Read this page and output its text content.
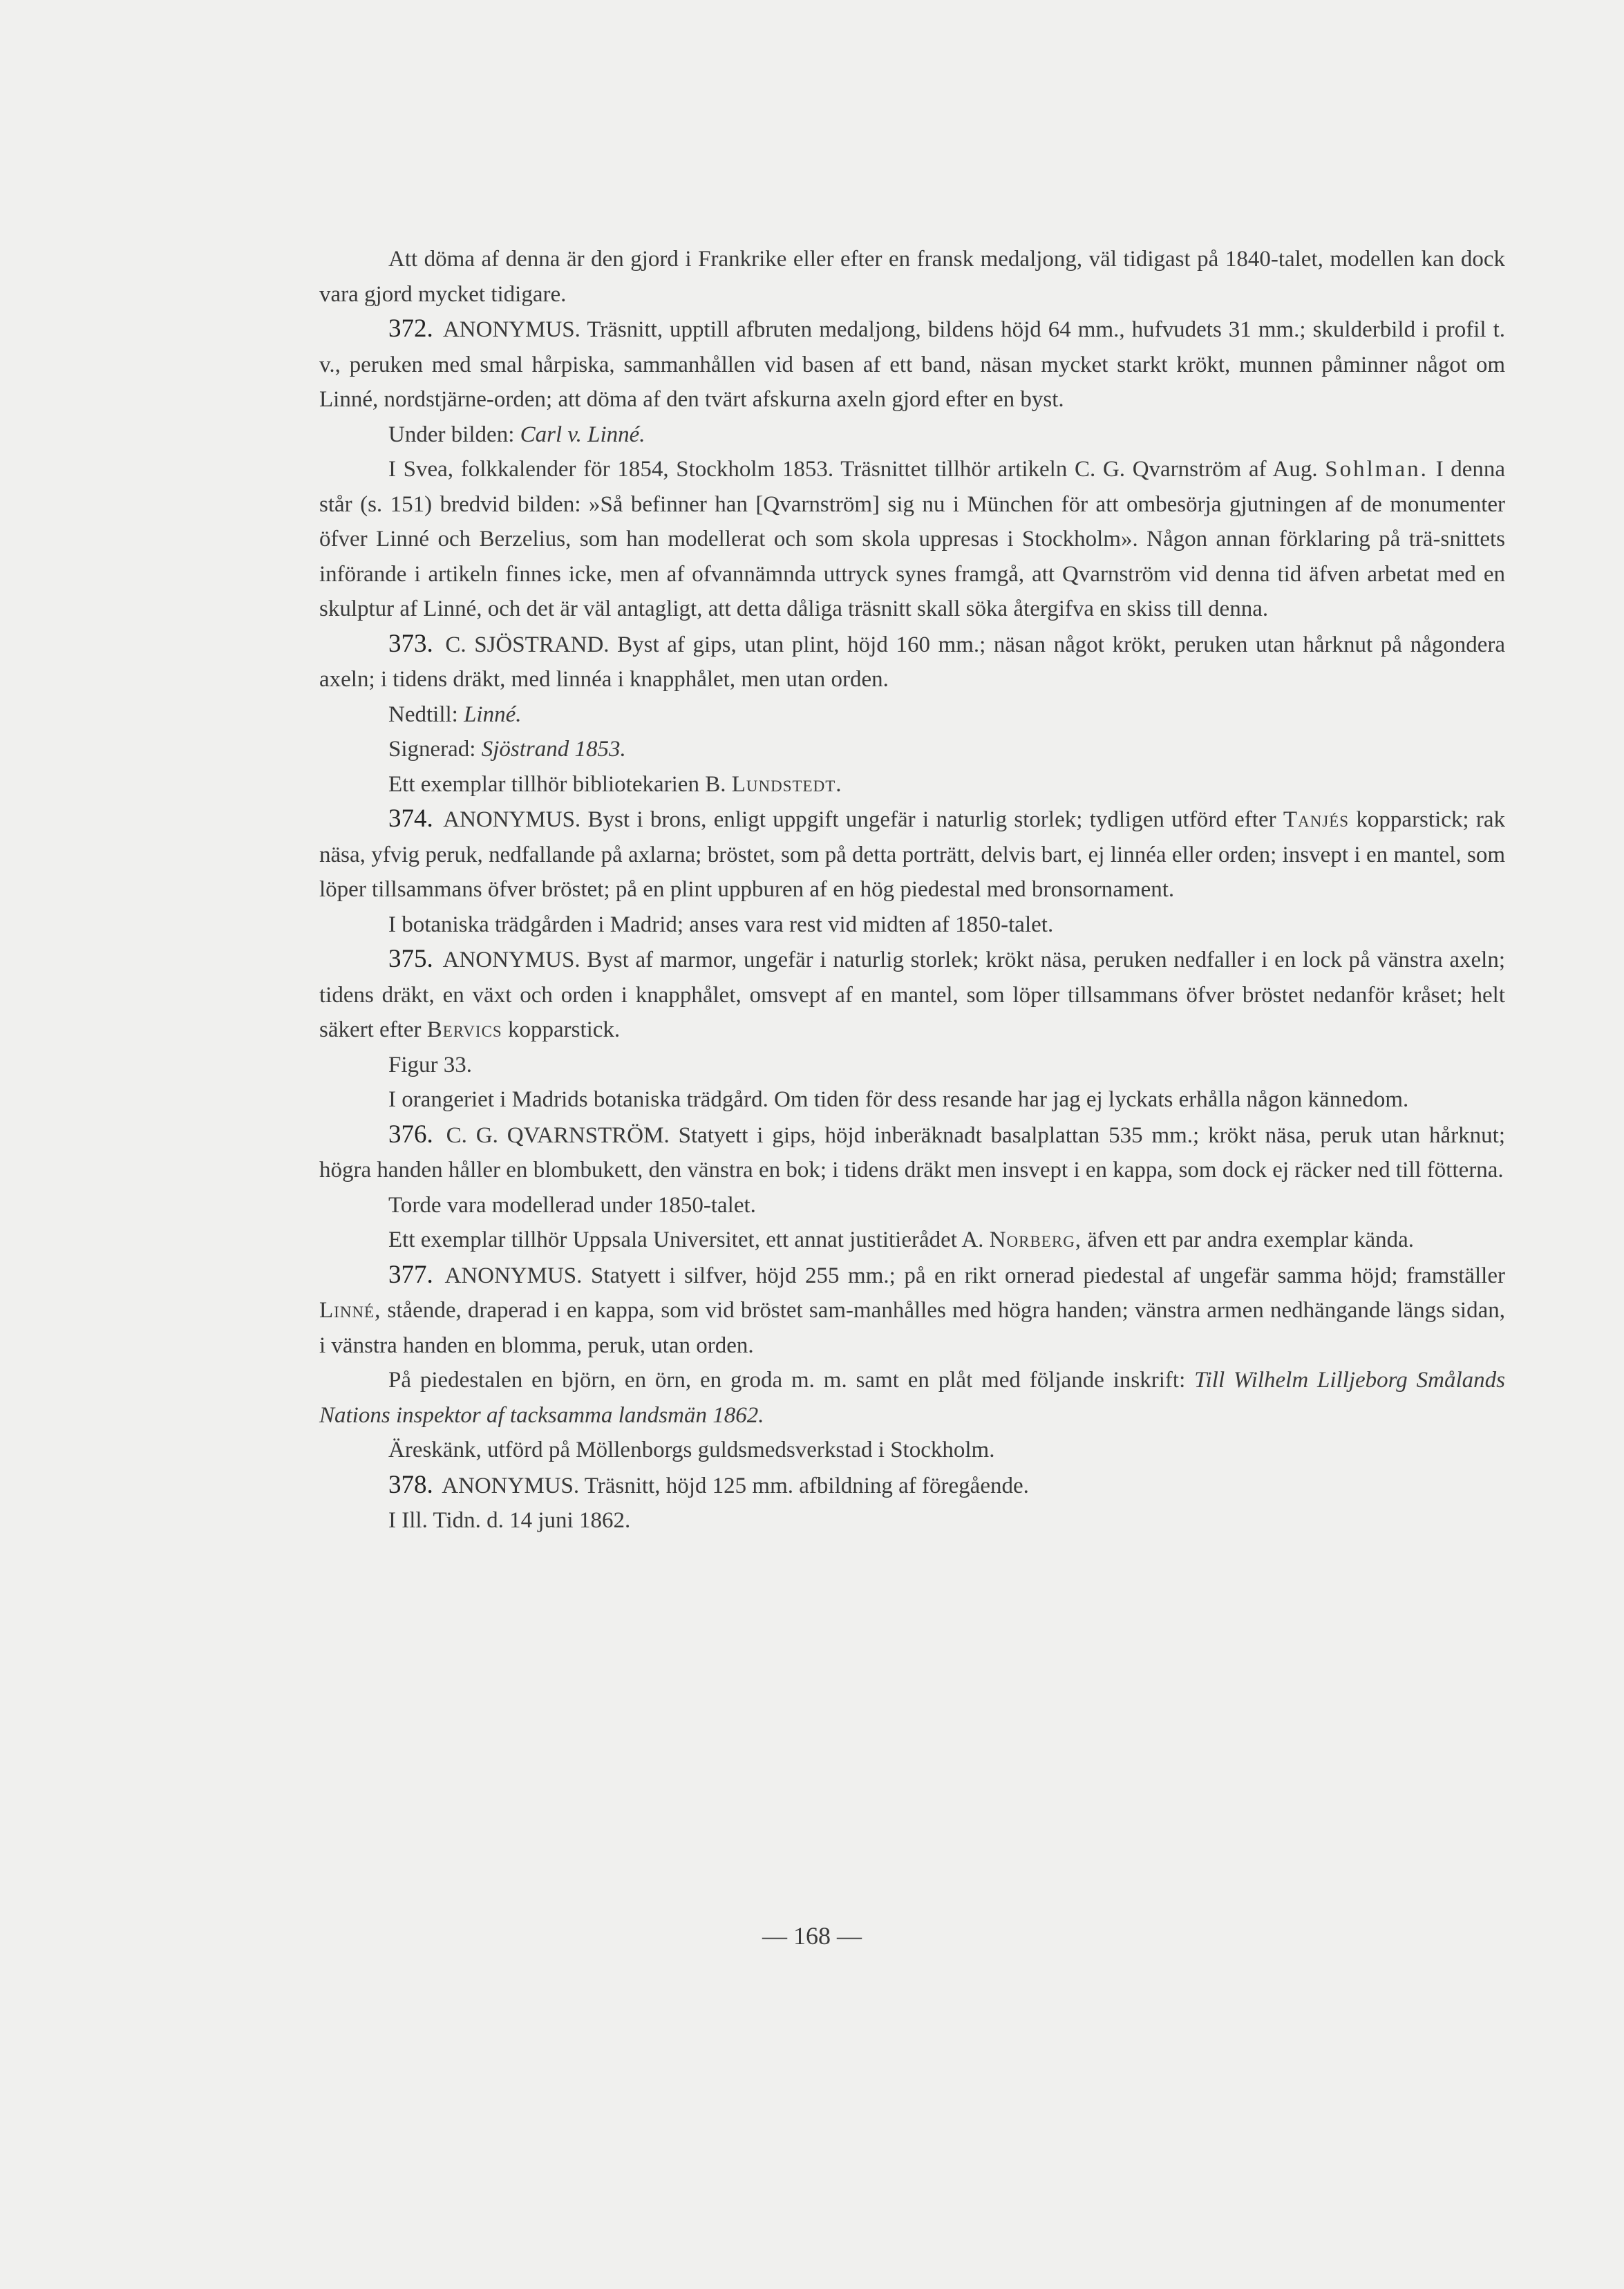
Att döma af denna är den gjord i Frankrike eller efter en fransk medaljong, väl tidigast på 1840-talet, modellen kan dock vara gjord mycket tidigare.

372. ANONYMUS. Träsnitt, upptill afbruten medaljong, bildens höjd 64 mm., hufvudets 31 mm.; skulderbild i profil t. v., peruken med smal hårpiska, sammanhållen vid basen af ett band, näsan mycket starkt krökt, munnen påminner något om Linné, nordstjärne-orden; att döma af den tvärt afskurna axeln gjord efter en byst.

Under bilden: Carl v. Linné.

I Svea, folkkalender för 1854, Stockholm 1853. Träsnittet tillhör artikeln C. G. Qvarnström af Aug. Sohlman. I denna står (s. 151) bredvid bilden: »Så befinner han [Qvarnström] sig nu i München för att ombesörja gjutningen af de monumenter öfver Linné och Berzelius, som han modellerat och som skola uppresas i Stockholm». Någon annan förklaring på trä-snittets införande i artikeln finnes icke, men af ofvannämnda uttryck synes framgå, att Qvarnström vid denna tid äfven arbetat med en skulptur af Linné, och det är väl antagligt, att detta dåliga träsnitt skall söka återgifva en skiss till denna.

373. C. SJÖSTRAND. Byst af gips, utan plint, höjd 160 mm.; näsan något krökt, peruken utan hårknut på någondera axeln; i tidens dräkt, med linnéa i knapphålet, men utan orden.

Nedtill: Linné.

Signerad: Sjöstrand 1853.

Ett exemplar tillhör bibliotekarien B. Lundstedt.

374. ANONYMUS. Byst i brons, enligt uppgift ungefär i naturlig storlek; tydligen utförd efter Tanjés kopparstick; rak näsa, yfvig peruk, nedfallande på axlarna; bröstet, som på detta porträtt, delvis bart, ej linnéa eller orden; insvept i en mantel, som löper tillsammans öfver bröstet; på en plint uppburen af en hög piedestal med bronsornament.

I botaniska trädgården i Madrid; anses vara rest vid midten af 1850-talet.

375. ANONYMUS. Byst af marmor, ungefär i naturlig storlek; krökt näsa, peruken nedfaller i en lock på vänstra axeln; tidens dräkt, en växt och orden i knapphålet, omsvept af en mantel, som löper tillsammans öfver bröstet nedanför kråset; helt säkert efter Bervics kopparstick.

Figur 33.

I orangeriet i Madrids botaniska trädgård. Om tiden för dess resande har jag ej lyckats erhålla någon kännedom.

376. C. G. QVARNSTRÖM. Statyett i gips, höjd inberäknadt basalplattan 535 mm.; krökt näsa, peruk utan hårknut; högra handen håller en blombukett, den vänstra en bok; i tidens dräkt men insvept i en kappa, som dock ej räcker ned till fötterna.

Torde vara modellerad under 1850-talet.

Ett exemplar tillhör Uppsala Universitet, ett annat justitierådet A. Norberg, äfven ett par andra exemplar kända.

377. ANONYMUS. Statyett i silfver, höjd 255 mm.; på en rikt ornerad piedestal af ungefär samma höjd; framställer Linné, stående, draperad i en kappa, som vid bröstet sam-manhålles med högra handen; vänstra armen nedhängande längs sidan, i vänstra handen en blomma, peruk, utan orden.

På piedestalen en björn, en örn, en groda m. m. samt en plåt med följande inskrift: Till Wilhelm Lilljeborg Smålands Nations inspektor af tacksamma landsmän 1862.

Äreskänk, utförd på Möllenborgs guldsmedsverkstad i Stockholm.

378. ANONYMUS. Träsnitt, höjd 125 mm. afbildning af föregående.

I Ill. Tidn. d. 14 juni 1862.

— 168 —
